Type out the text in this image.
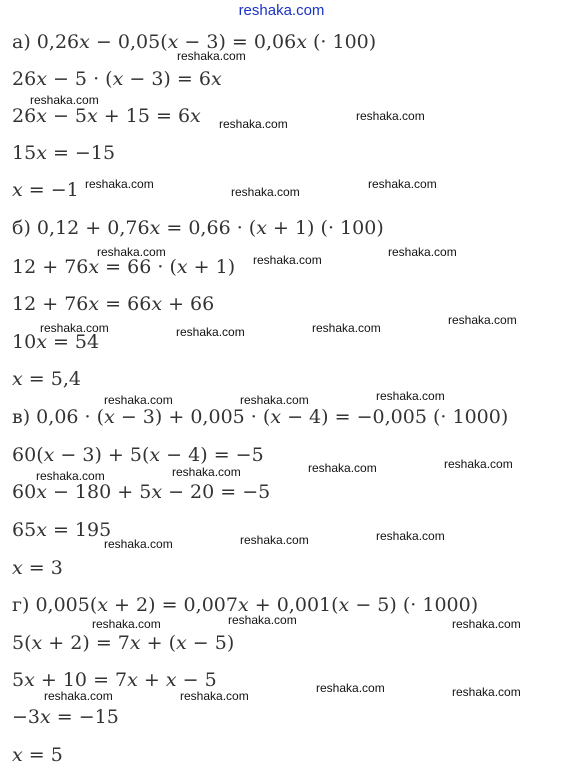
reshaka.com
а) 0,26x − 0,05(x − 3) = 0,06x (· 100)
26x − 5 · (x − 3) = 6x
26x − 5x + 15 = 6x
15x = −15
x = −1
б) 0,12 + 0,76x = 0,66 · (x + 1) (· 100)
12 + 76x = 66 · (x + 1)
12 + 76x = 66x + 66
10x = 54
x = 5,4
в) 0,06 · (x − 3) + 0,005 · (x − 4) = −0,005 (· 1000)
60(x − 3) + 5(x − 4) = −5
60x − 180 + 5x − 20 = −5
65x = 195
x = 3
г) 0,005(x + 2) = 0,007x + 0,001(x − 5) (· 1000)
5(x + 2) = 7x + (x − 5)
5x + 10 = 7x + x − 5
−3x = −15
x = 5
reshaka.com
reshaka.com
reshaka.com
reshaka.com
reshaka.com
reshaka.com
reshaka.com
reshaka.com
reshaka.com
reshaka.com
reshaka.com	reshaka.com	reshaka.com
reshaka.com
reshaka.com	reshaka.com	reshaka.com
reshaka.com	reshaka.com	reshaka.com	reshaka.com
reshaka.com	reshaka.com	reshaka.com
reshaka.com	reshaka.com	reshaka.com
reshaka.com	reshaka.com
reshaka.com	reshaka.com
